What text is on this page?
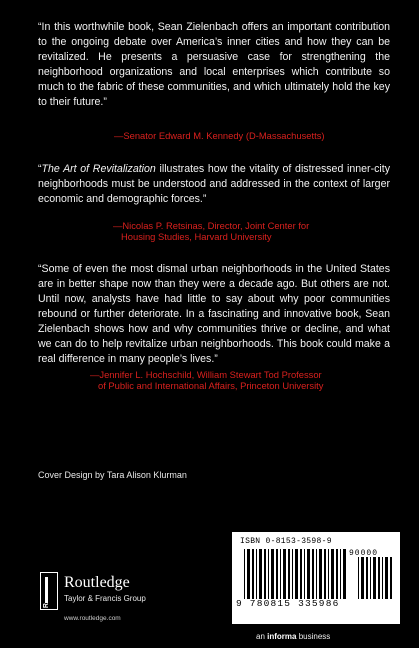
“In this worthwhile book, Sean Zielenbach offers an important contribution to the ongoing debate over America’s inner cities and how they can be revitalized. He presents a persuasive case for strengthening the neighborhood organizations and local enterprises which contribute so much to the fabric of these communities, and which ultimately hold the key to their future.”

—Senator Edward M. Kennedy (D-Massachusetts)

“The Art of Revitalization illustrates how the vitality of distressed inner-city neighborhoods must be understood and addressed in the context of larger economic and demographic forces.”

—Nicolas P. Retsinas, Director, Joint Center for
Housing Studies, Harvard University

“Some of even the most dismal urban neighborhoods in the United States are in better shape now than they were a decade ago. But others are not. Until now, analysts have had little to say about why poor communities rebound or further deteriorate. In a fascinating and innovative book, Sean Zielenbach shows how and why communities thrive or decline, and what we can do to help revitalize urban neighborhoods. This book could make a real difference in many people’s lives.”

—Jennifer L. Hochschild, William Stewart Tod Professor
of Public and International Affairs, Princeton University
Cover Design by Tara Alison Klurman
R
Routledge
Taylor & Francis Group
www.routledge.com
ISBN 0-8153-3598-9
90000
9 780815 335986
an informa business
